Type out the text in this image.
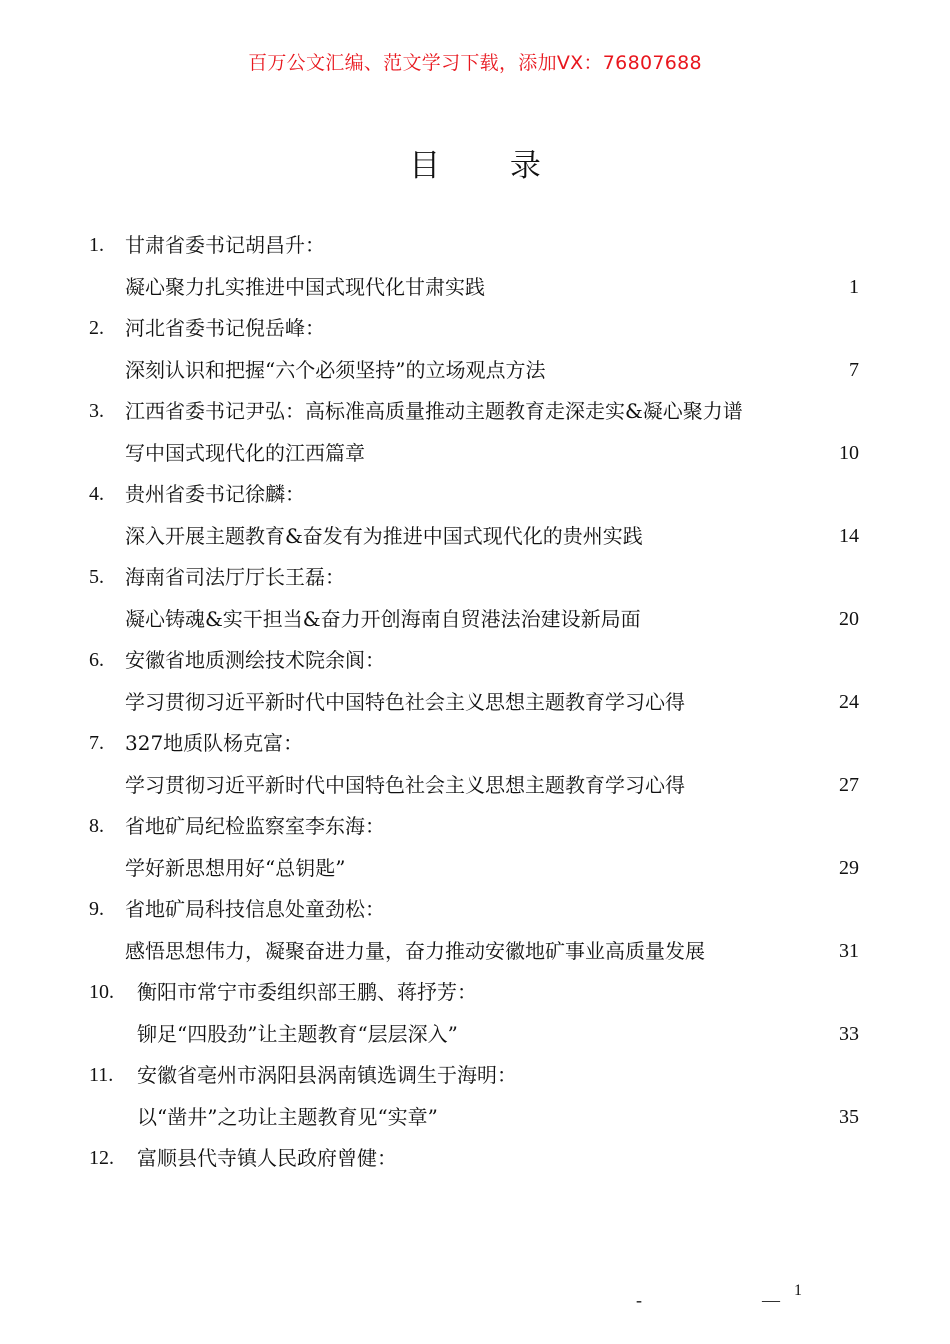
百万公文汇编、范文学习下载，添加VX：76807688
目 录
1. 甘肃省委书记胡昌升：
凝心聚力扎实推进中国式现代化甘肃实践	1
2. 河北省委书记倪岳峰：
深刻认识和把握“六个必须坚持”的立场观点方法	7
3. 江西省委书记尹弘：高标准高质量推动主题教育走深走实&凝心聚力谱
写中国式现代化的江西篇章	10
4. 贵州省委书记徐麟：
深入开展主题教育&奋发有为推进中国式现代化的贵州实践	14
5. 海南省司法厅厅长王磊：
凝心铸魂&实干担当&奋力开创海南自贸港法治建设新局面	20
6. 安徽省地质测绘技术院余阆：
学习贯彻习近平新时代中国特色社会主义思想主题教育学习心得	24
7. 327地质队杨克富：
学习贯彻习近平新时代中国特色社会主义思想主题教育学习心得	27
8. 省地矿局纪检监察室李东海：
学好新思想用好“总钥匙”	29
9. 省地矿局科技信息处童劲松：
感悟思想伟力，凝聚奋进力量，奋力推动安徽地矿事业高质量发展	31
10. 衡阳市常宁市委组织部王鹏、蒋抒芳：
铆足“四股劲”让主题教育“层层深入”	33
11. 安徽省亳州市涡阳县涡南镇选调生于海明：
以“凿井”之功让主题教育见“实章”	35
12. 富顺县代寺镇人民政府曾健：
-	— 1
